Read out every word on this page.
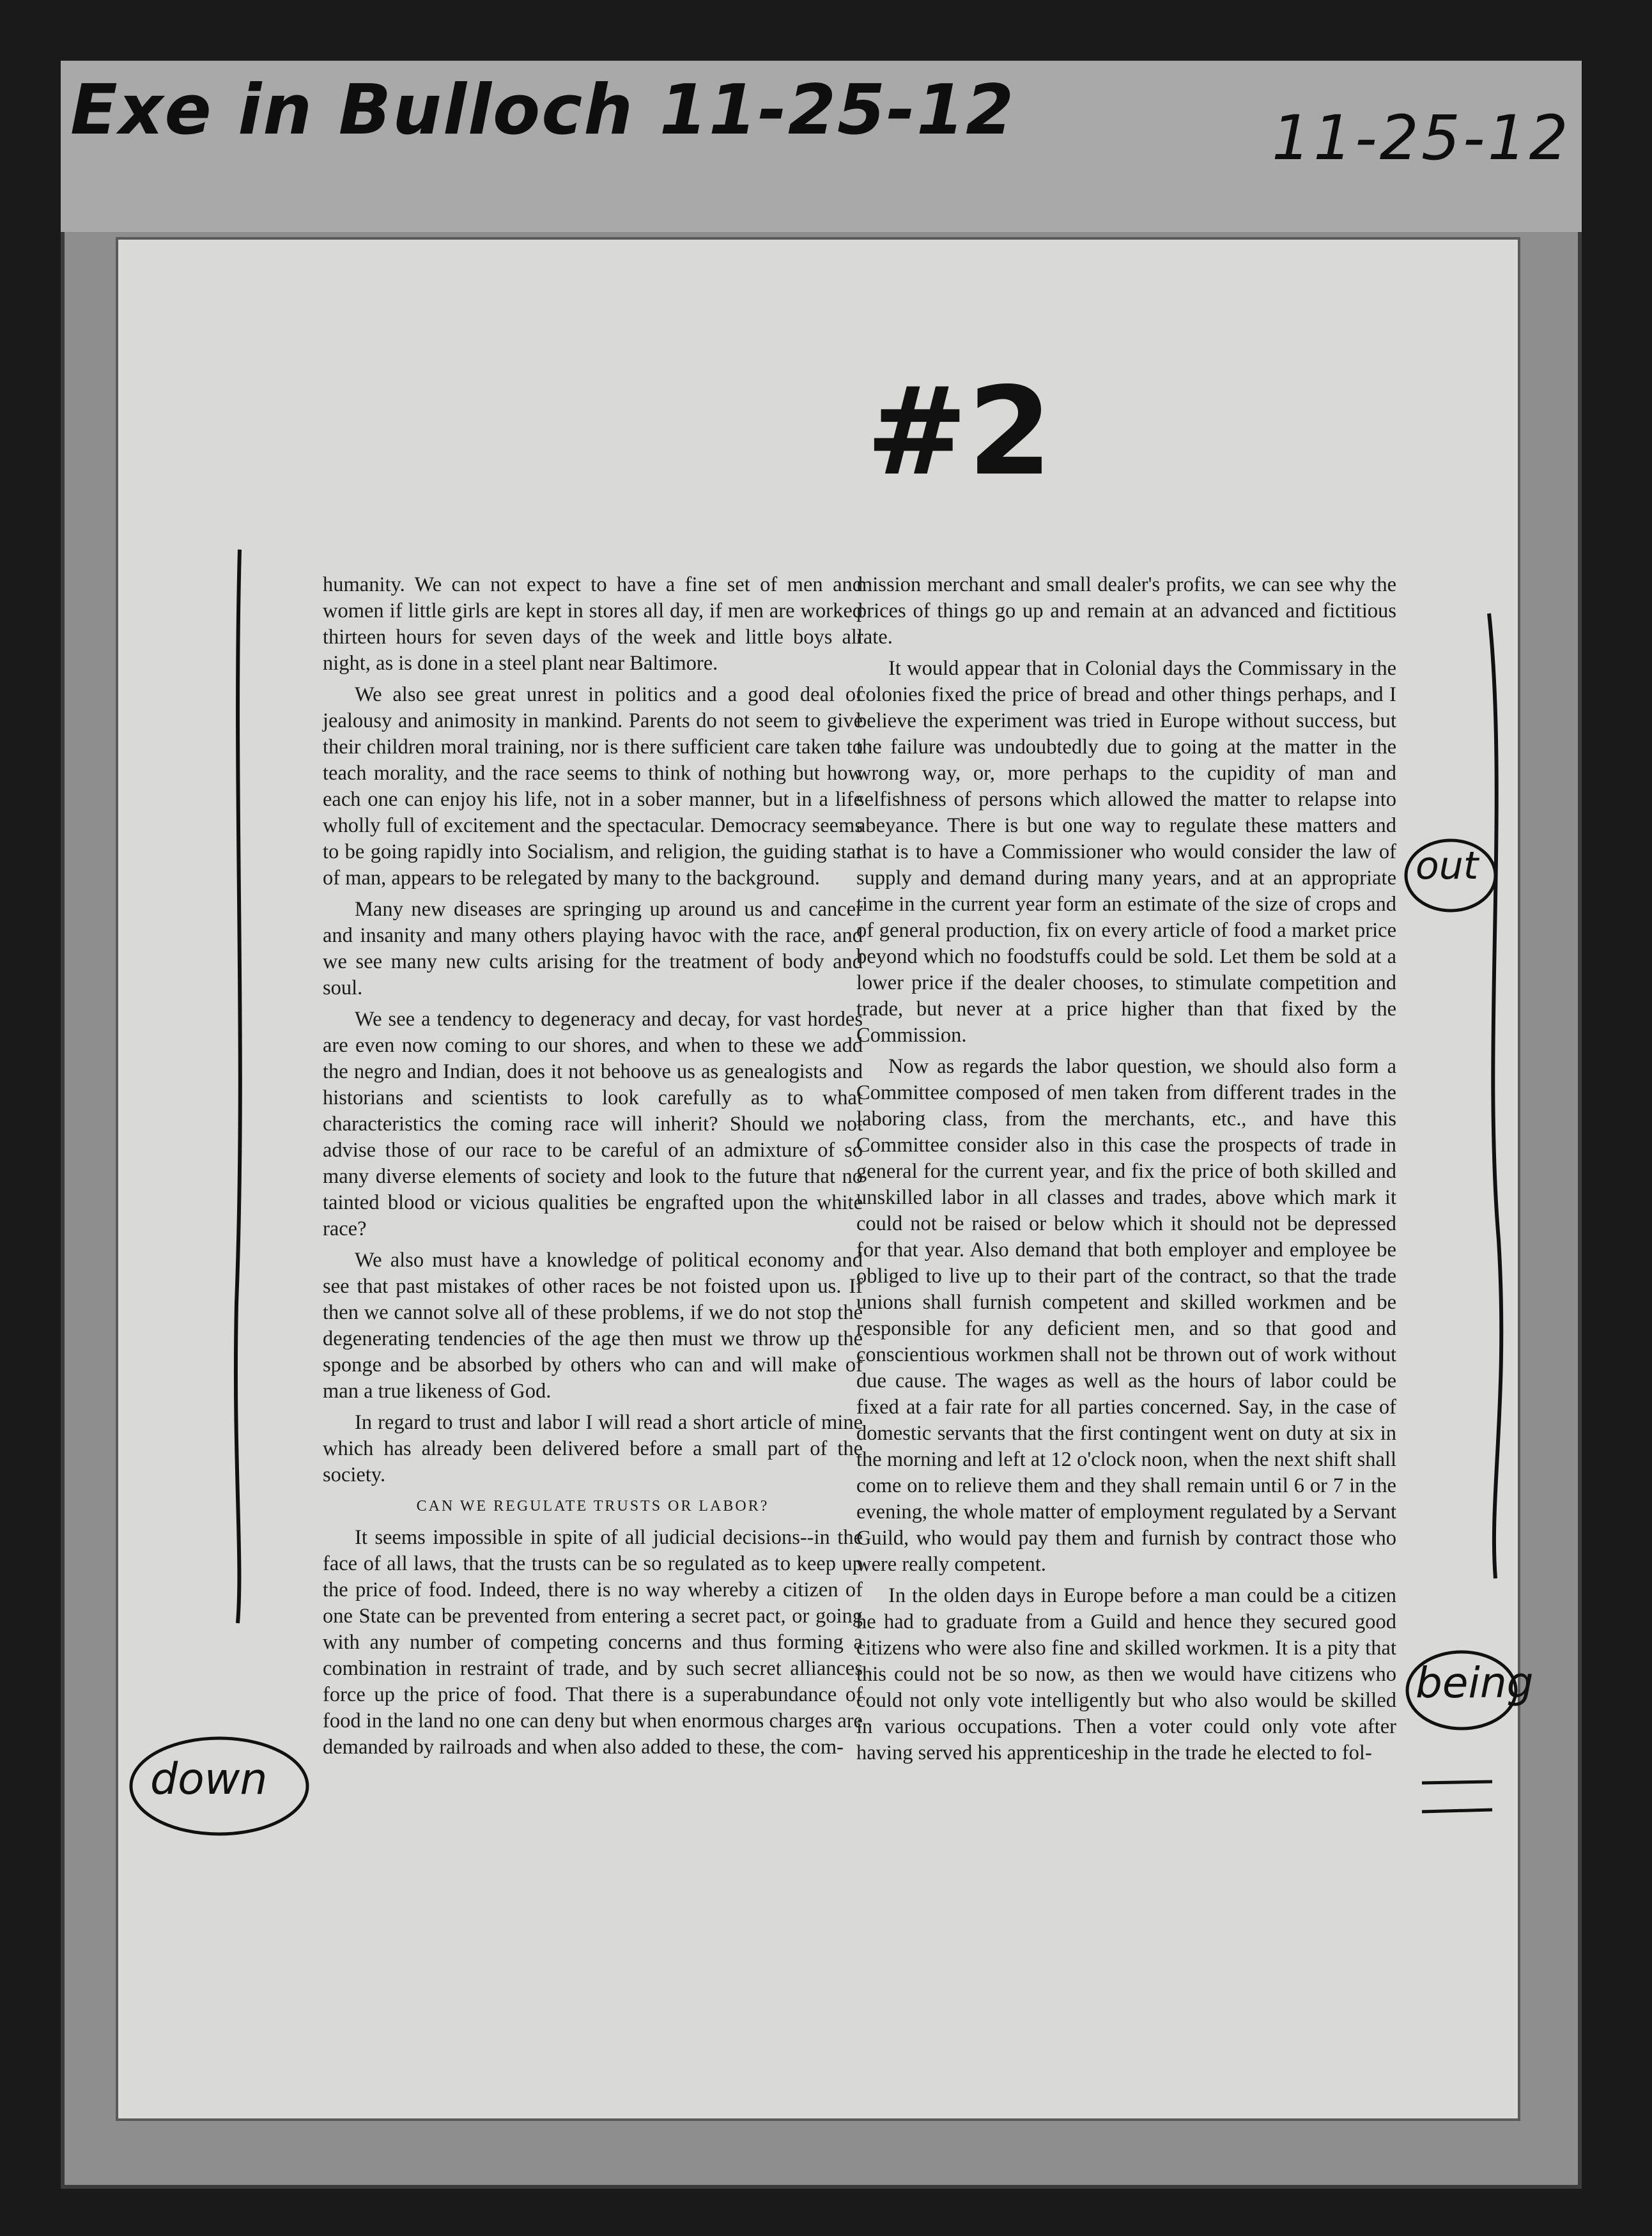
Exe in Bulloch 11-25-12	11-25-12
#2

humanity. We can not expect to have a fine set of men and women if little girls are kept in stores all day, if men are worked thirteen hours for seven days of the week and little boys all night, as is done in a steel plant near Baltimore.

We also see great unrest in politics and a good deal of jealousy and animosity in mankind. Parents do not seem to give their children moral training, nor is there sufficient care taken to teach morality, and the race seems to think of nothing but how each one can enjoy his life, not in a sober manner, but in a life wholly full of excitement and the spectacular. Democracy seems to be going rapidly into Socialism, and religion, the guiding star of man, appears to be relegated by many to the background.

Many new diseases are springing up around us and cancer and insanity and many others playing havoc with the race, and we see many new cults arising for the treatment of body and soul.

We see a tendency to degeneracy and decay, for vast hordes are even now coming to our shores, and when to these we add the negro and Indian, does it not behoove us as genealogists and historians and scientists to look carefully as to what characteristics the coming race will inherit? Should we not advise those of our race to be careful of an admixture of so many diverse elements of society and look to the future that no tainted blood or vicious qualities be engrafted upon the white race?

We also must have a knowledge of political economy and see that past mistakes of other races be not foisted upon us. If then we cannot solve all of these problems, if we do not stop the degenerating tendencies of the age then must we throw up the sponge and be absorbed by others who can and will make of man a true likeness of God.

In regard to trust and labor I will read a short article of mine which has already been delivered before a small part of the society.

CAN WE REGULATE TRUSTS OR LABOR?

It seems impossible in spite of all judicial decisions--in the face of all laws, that the trusts can be so regulated as to keep up the price of food. Indeed, there is no way whereby a citizen of one State can be prevented from entering a secret pact, or going with any number of competing concerns and thus forming a combination in restraint of trade, and by such secret alliances force up the price of food. That there is a superabundance of food in the land no one can deny but when enormous charges are demanded by railroads and when also added to these, the com-

mission merchant and small dealer's profits, we can see why the prices of things go up and remain at an advanced and fictitious rate.

It would appear that in Colonial days the Commissary in the colonies fixed the price of bread and other things perhaps, and I believe the experiment was tried in Europe without success, but the failure was undoubtedly due to going at the matter in the wrong way, or, more perhaps to the cupidity of man and selfishness of persons which allowed the matter to relapse into abeyance. There is but one way to regulate these matters and that is to have a Commissioner who would consider the law of supply and demand during many years, and at an appropriate time in the current year form an estimate of the size of crops and of general production, fix on every article of food a market price beyond which no foodstuffs could be sold. Let them be sold at a lower price if the dealer chooses, to stimulate competition and trade, but never at a price higher than that fixed by the Commission.

Now as regards the labor question, we should also form a Committee composed of men taken from different trades in the laboring class, from the merchants, etc., and have this Committee consider also in this case the prospects of trade in general for the current year, and fix the price of both skilled and unskilled labor in all classes and trades, above which mark it could not be raised or below which it should not be depressed for that year. Also demand that both employer and employee be obliged to live up to their part of the contract, so that the trade unions shall furnish competent and skilled workmen and be responsible for any deficient men, and so that good and conscientious workmen shall not be thrown out of work without due cause. The wages as well as the hours of labor could be fixed at a fair rate for all parties concerned. Say, in the case of domestic servants that the first contingent went on duty at six in the morning and left at 12 o'clock noon, when the next shift shall come on to relieve them and they shall remain until 6 or 7 in the evening, the whole matter of employment regulated by a Servant Guild, who would pay them and furnish by contract those who were really competent.

In the olden days in Europe before a man could be a citizen he had to graduate from a Guild and hence they secured good citizens who were also fine and skilled workmen. It is a pity that this could not be so now, as then we would have citizens who could not only vote intelligently but who also would be skilled in various occupations. Then a voter could only vote after having served his apprenticeship in the trade he elected to fol-

out
being
down
